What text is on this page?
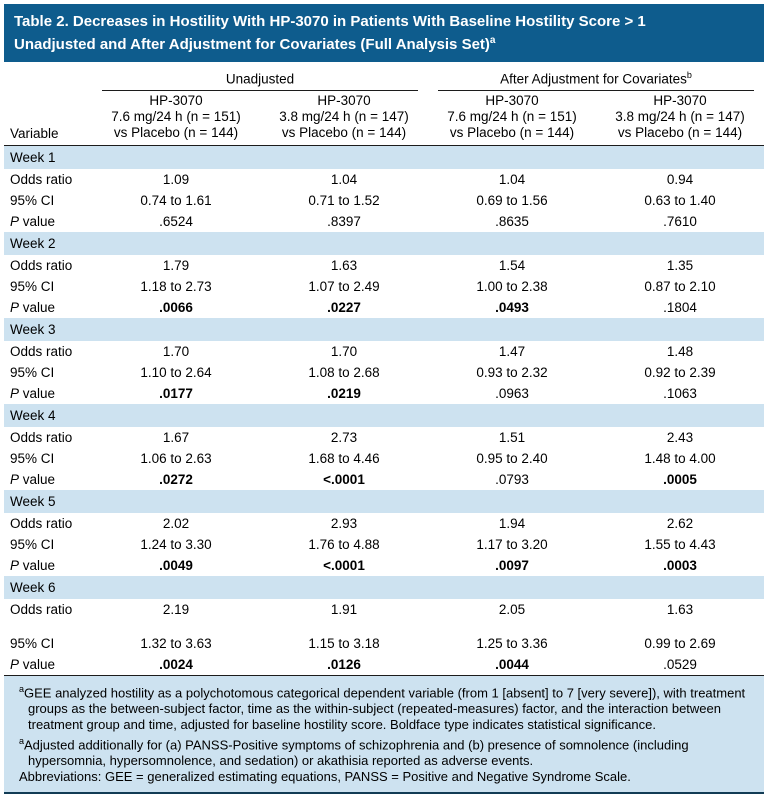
Table 2. Decreases in Hostility With HP-3070 in Patients With Baseline Hostility Score > 1
Unadjusted and After Adjustment for Covariates (Full Analysis Set)$^a$
Variable	Unadjusted		After Adjustment for Covariates$^b$

HP-3070
7.6 mg/24 h (n = 151)
vs Placebo (n = 144)

HP-3070
3.8 mg/24 h (n = 147)
vs Placebo (n = 144)

HP-3070
7.6 mg/24 h (n = 151)
vs Placebo (n = 144)

HP-3070
3.8 mg/24 h (n = 147)
vs Placebo (n = 144)

Week 1				
Odds ratio	1.09	1.04	1.04	0.94
95% CI	0.74 to 1.61	0.71 to 1.52	0.69 to 1.56	0.63 to 1.40
P value	.6524	.8397	.8635	.7610
Week 2				
Odds ratio	1.79	1.63	1.54	1.35
95% CI	1.18 to 2.73	1.07 to 2.49	1.00 to 2.38	0.87 to 2.10
P value	.0066	.0227	.0493	.1804
Week 3				
Odds ratio	1.70	1.70	1.47	1.48
95% CI	1.10 to 2.64	1.08 to 2.68	0.93 to 2.32	0.92 to 2.39
P value	.0177	.0219	.0963	.1063
Week 4				
Odds ratio	1.67	2.73	1.51	2.43
95% CI	1.06 to 2.63	1.68 to 4.46	0.95 to 2.40	1.48 to 4.00
P value	.0272	<.0001	.0793	.0005
Week 5				
Odds ratio	2.02	2.93	1.94	2.62
95% CI	1.24 to 3.30	1.76 to 4.88	1.17 to 3.20	1.55 to 4.43
P value	.0049	<.0001	.0097	.0003
Week 6				
Odds ratio	2.19	1.91	2.05	1.63

95% CI	1.32 to 3.63	1.15 to 3.18	1.25 to 3.36	0.99 to 2.69
P value	.0024	.0126	.0044	.0529
$^a$GEE analyzed hostility as a polychotomous categorical dependent variable (from 1 [absent] to 7 [very severe]), with treatment groups as the between-subject factor, time as the within-subject (repeated-measures) factor, and the interaction between treatment group and time, adjusted for baseline hostility score. Boldface type indicates statistical significance.
$^a$Adjusted additionally for (a) PANSS-Positive symptoms of schizophrenia and (b) presence of somnolence (including hypersomnia, hypersomnolence, and sedation) or akathisia reported as adverse events.
Abbreviations: GEE = generalized estimating equations, PANSS = Positive and Negative Syndrome Scale.
